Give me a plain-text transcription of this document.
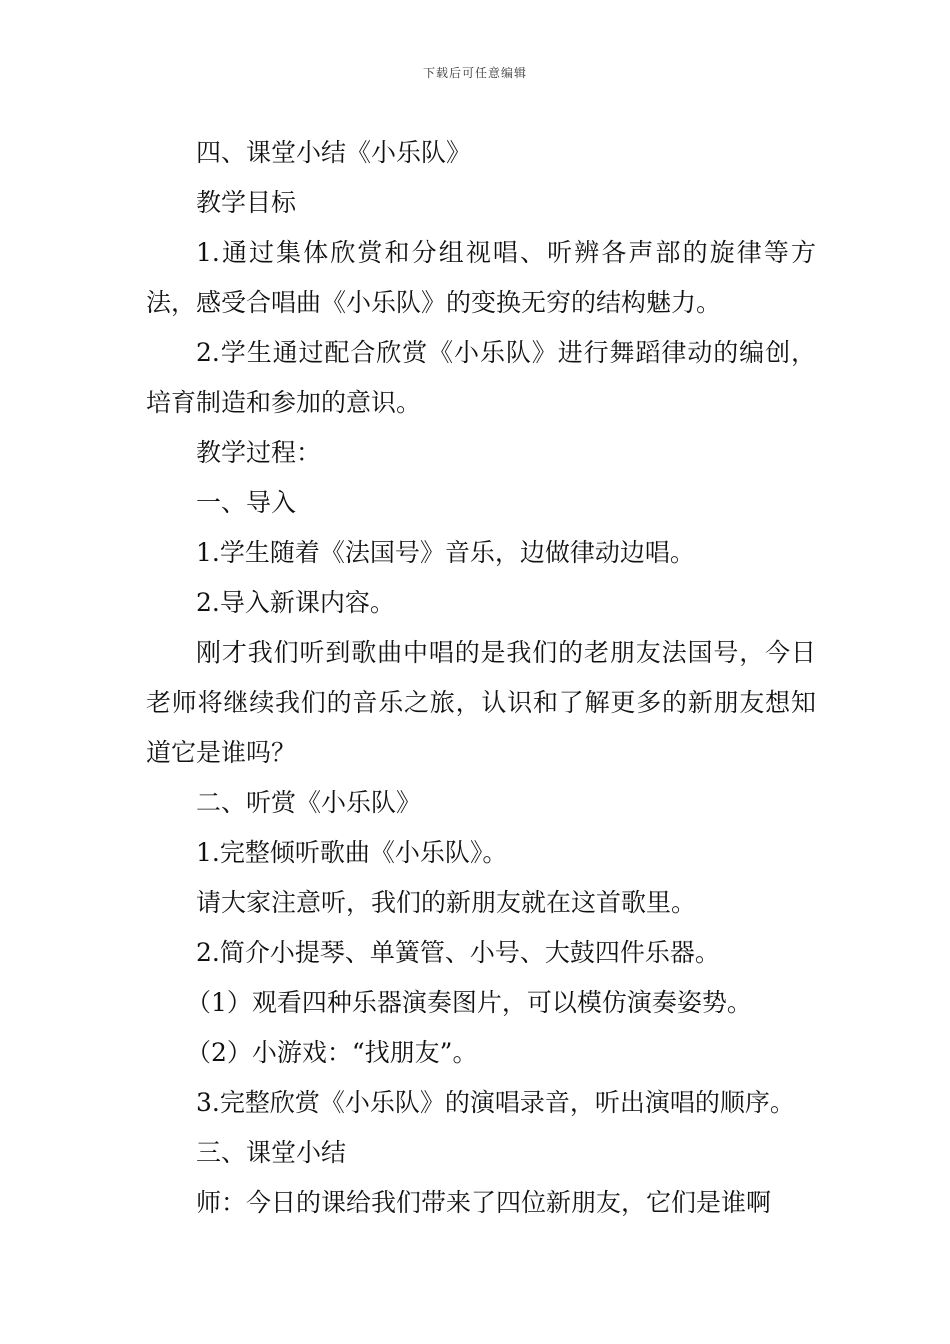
下载后可任意编辑

四、课堂小结《小乐队》

教学目标

1.通过集体欣赏和分组视唱、听辨各声部的旋律等方法，感受合唱曲《小乐队》的变换无穷的结构魅力。

2.学生通过配合欣赏《小乐队》进行舞蹈律动的编创，培育制造和参加的意识。

教学过程：

一、导入

1.学生随着《法国号》音乐，边做律动边唱。

2.导入新课内容。

刚才我们听到歌曲中唱的是我们的老朋友法国号，今日老师将继续我们的音乐之旅，认识和了解更多的新朋友想知道它是谁吗？

二、听赏《小乐队》

1.完整倾听歌曲《小乐队》。

请大家注意听，我们的新朋友就在这首歌里。

2.简介小提琴、单簧管、小号、大鼓四件乐器。

（1）观看四种乐器演奏图片，可以模仿演奏姿势。

（2）小游戏：“找朋友”。

3.完整欣赏《小乐队》的演唱录音，听出演唱的顺序。

三、课堂小结

师：今日的课给我们带来了四位新朋友，它们是谁啊
